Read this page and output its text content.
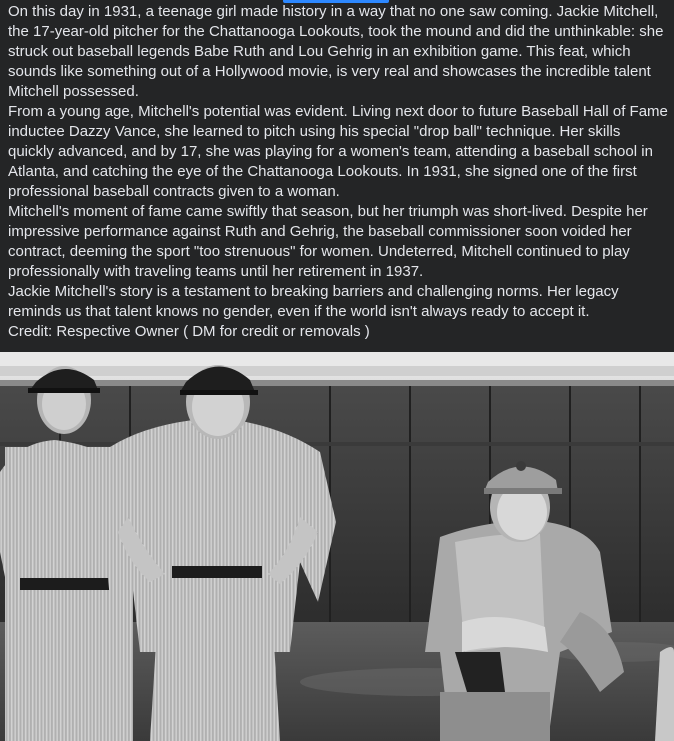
On this day in 1931, a teenage girl made history in a way that no one saw coming. Jackie Mitchell, the 17-year-old pitcher for the Chattanooga Lookouts, took the mound and did the unthinkable: she struck out baseball legends Babe Ruth and Lou Gehrig in an exhibition game. This feat, which sounds like something out of a Hollywood movie, is very real and showcases the incredible talent Mitchell possessed.

From a young age, Mitchell's potential was evident. Living next door to future Baseball Hall of Fame inductee Dazzy Vance, she learned to pitch using his special "drop ball" technique. Her skills quickly advanced, and by 17, she was playing for a women's team, attending a baseball school in Atlanta, and catching the eye of the Chattanooga Lookouts. In 1931, she signed one of the first professional baseball contracts given to a woman.

Mitchell's moment of fame came swiftly that season, but her triumph was short-lived. Despite her impressive performance against Ruth and Gehrig, the baseball commissioner soon voided her contract, deeming the sport "too strenuous" for women. Undeterred, Mitchell continued to play professionally with traveling teams until her retirement in 1937.

Jackie Mitchell's story is a testament to breaking barriers and challenging norms. Her legacy reminds us that talent knows no gender, even if the world isn't always ready to accept it.

Credit: Respective Owner ( DM for credit or removals )
